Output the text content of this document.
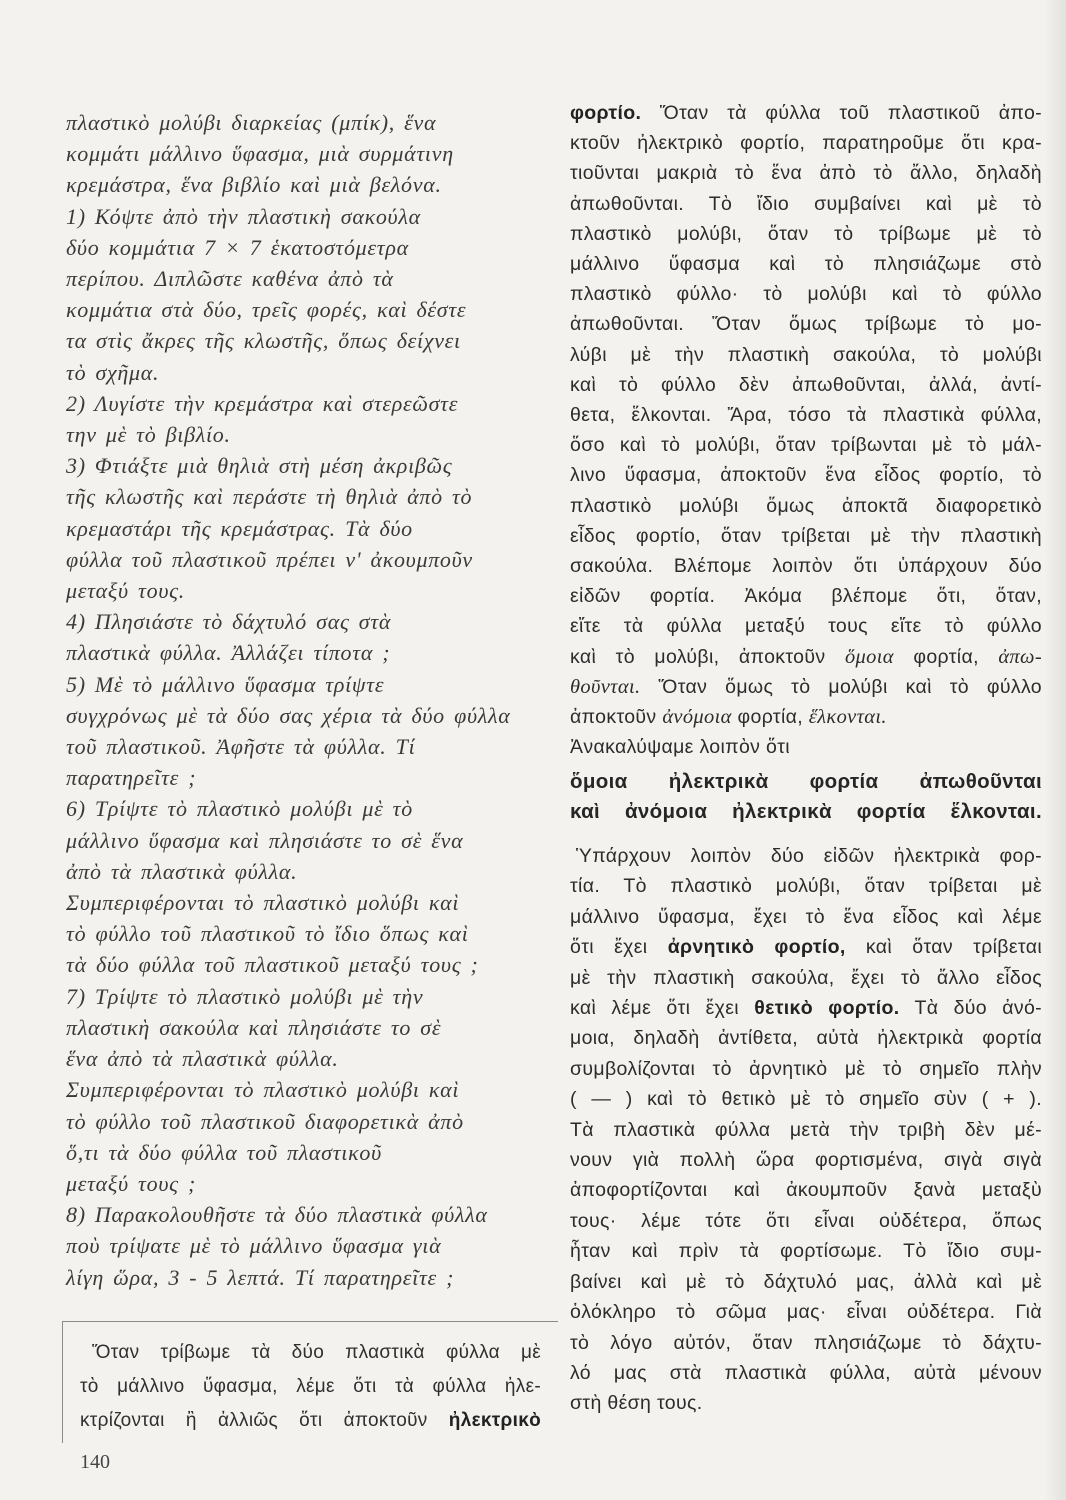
πλαστικὸ μολύβι διαρκείας (μπίκ), ἕνα
κομμάτι μάλλινο ὕφασμα, μιὰ συρμάτινη
κρεμάστρα, ἕνα βιβλίο καὶ μιὰ βελόνα.
1) Κόψτε ἀπὸ τὴν πλαστικὴ σακούλα
δύο κομμάτια 7 × 7 ἑκατοστόμετρα
περίπου. Διπλῶστε καθένα ἀπὸ τὰ
κομμάτια στὰ δύο, τρεῖς φορές, καὶ δέστε
τα στὶς ἄκρες τῆς κλωστῆς, ὅπως δείχνει
τὸ σχῆμα.
2) Λυγίστε τὴν κρεμάστρα καὶ στερεῶστε
την μὲ τὸ βιβλίο.
3) Φτιάξτε μιὰ θηλιὰ στὴ μέση ἀκριβῶς
τῆς κλωστῆς καὶ περάστε τὴ θηλιὰ ἀπὸ τὸ
κρεμαστάρι τῆς κρεμάστρας. Τὰ δύο
φύλλα τοῦ πλαστικοῦ πρέπει ν' ἀκουμποῦν
μεταξύ τους.
4) Πλησιάστε τὸ δάχτυλό σας στὰ
πλαστικὰ φύλλα. Ἀλλάζει τίποτα ;
5) Μὲ τὸ μάλλινο ὕφασμα τρίψτε
συγχρόνως μὲ τὰ δύο σας χέρια τὰ δύο φύλλα
τοῦ πλαστικοῦ. Ἀφῆστε τὰ φύλλα. Τί
παρατηρεῖτε ;
6) Τρίψτε τὸ πλαστικὸ μολύβι μὲ τὸ
μάλλινο ὕφασμα καὶ πλησιάστε το σὲ ἕνα
ἀπὸ τὰ πλαστικὰ φύλλα.
Συμπεριφέρονται τὸ πλαστικὸ μολύβι καὶ
τὸ φύλλο τοῦ πλαστικοῦ τὸ ἴδιο ὅπως καὶ
τὰ δύο φύλλα τοῦ πλαστικοῦ μεταξύ τους ;
7) Τρίψτε τὸ πλαστικὸ μολύβι μὲ τὴν
πλαστικὴ σακούλα καὶ πλησιάστε το σὲ
ἕνα ἀπὸ τὰ πλαστικὰ φύλλα.
Συμπεριφέρονται τὸ πλαστικὸ μολύβι καὶ
τὸ φύλλο τοῦ πλαστικοῦ διαφορετικὰ ἀπὸ
ὅ,τι τὰ δύο φύλλα τοῦ πλαστικοῦ
μεταξύ τους ;
8) Παρακολουθῆστε τὰ δύο πλαστικὰ φύλλα
ποὺ τρίψατε μὲ τὸ μάλλινο ὕφασμα γιὰ
λίγη ὥρα, 3 - 5 λεπτά. Τί παρατηρεῖτε ;
Ὅταν τρίβωμε τὰ δύο πλαστικὰ φύλλα μὲ
τὸ μάλλινο ὕφασμα, λέμε ὅτι τὰ φύλλα ἠλε-
κτρίζονται ἢ ἀλλιῶς ὅτι ἀποκτοῦν ἠλεκτρικὸ
140
φορτίο. Ὅταν τὰ φύλλα τοῦ πλαστικοῦ ἀπο-
κτοῦν ἠλεκτρικὸ φορτίο, παρατηροῦμε ὅτι κρα-
τιοῦνται μακριὰ τὸ ἕνα ἀπὸ τὸ ἄλλο, δηλαδὴ
ἀπωθοῦνται. Τὸ ἴδιο συμβαίνει καὶ μὲ τὸ
πλαστικὸ μολύβι, ὅταν τὸ τρίβωμε μὲ τὸ
μάλλινο ὕφασμα καὶ τὸ πλησιάζωμε στὸ
πλαστικὸ φύλλο· τὸ μολύβι καὶ τὸ φύλλο
ἀπωθοῦνται. Ὅταν ὅμως τρίβωμε τὸ μο-
λύβι μὲ τὴν πλαστικὴ σακούλα, τὸ μολύβι
καὶ τὸ φύλλο δὲν ἀπωθοῦνται, ἀλλά, ἀντί-
θετα, ἕλκονται. Ἄρα, τόσο τὰ πλαστικὰ φύλλα,
ὅσο καὶ τὸ μολύβι, ὅταν τρίβωνται μὲ τὸ μάλ-
λινο ὕφασμα, ἀποκτοῦν ἕνα εἶδος φορτίο, τὸ
πλαστικὸ μολύβι ὅμως ἀποκτᾶ διαφορετικὸ
εἶδος φορτίο, ὅταν τρίβεται μὲ τὴν πλαστικὴ
σακούλα. Βλέπομε λοιπὸν ὅτι ὑπάρχουν δύο
εἰδῶν φορτία. Ἀκόμα βλέπομε ὅτι, ὅταν,
εἴτε τὰ φύλλα μεταξύ τους εἴτε τὸ φύλλο
καὶ τὸ μολύβι, ἀποκτοῦν ὅμοια φορτία, ἀπω-
θοῦνται. Ὅταν ὅμως τὸ μολύβι καὶ τὸ φύλλο
ἀποκτοῦν ἀνόμοια φορτία, ἕλκονται.
Ἀνακαλύψαμε λοιπὸν ὅτι
ὅμοια ἠλεκτρικὰ φορτία ἀπωθοῦνται
καὶ ἀνόμοια ἠλεκτρικὰ φορτία ἕλκονται.
Ὑπάρχουν λοιπὸν δύο εἰδῶν ἠλεκτρικὰ φορ-
τία. Τὸ πλαστικὸ μολύβι, ὅταν τρίβεται μὲ
μάλλινο ὕφασμα, ἔχει τὸ ἕνα εἶδος καὶ λέμε
ὅτι ἔχει ἀρνητικὸ φορτίο, καὶ ὅταν τρίβεται
μὲ τὴν πλαστικὴ σακούλα, ἔχει τὸ ἄλλο εἶδος
καὶ λέμε ὅτι ἔχει θετικὸ φορτίο. Τὰ δύο ἀνό-
μοια, δηλαδὴ ἀντίθετα, αὐτὰ ἠλεκτρικὰ φορτία
συμβολίζονται τὸ ἀρνητικὸ μὲ τὸ σημεῖο πλὴν
( — ) καὶ τὸ θετικὸ μὲ τὸ σημεῖο σὺν ( + ).
Τὰ πλαστικὰ φύλλα μετὰ τὴν τριβὴ δὲν μέ-
νουν γιὰ πολλὴ ὥρα φορτισμένα, σιγὰ σιγὰ
ἀποφορτίζονται καὶ ἀκουμποῦν ξανὰ μεταξὺ
τους· λέμε τότε ὅτι εἶναι οὐδέτερα, ὅπως
ἦταν καὶ πρὶν τὰ φορτίσωμε. Τὸ ἴδιο συμ-
βαίνει καὶ μὲ τὸ δάχτυλό μας, ἀλλὰ καὶ μὲ
ὁλόκληρο τὸ σῶμα μας· εἶναι οὐδέτερα. Γιὰ
τὸ λόγο αὐτόν, ὅταν πλησιάζωμε τὸ δάχτυ-
λό μας στὰ πλαστικὰ φύλλα, αὐτὰ μένουν
στὴ θέση τους.
